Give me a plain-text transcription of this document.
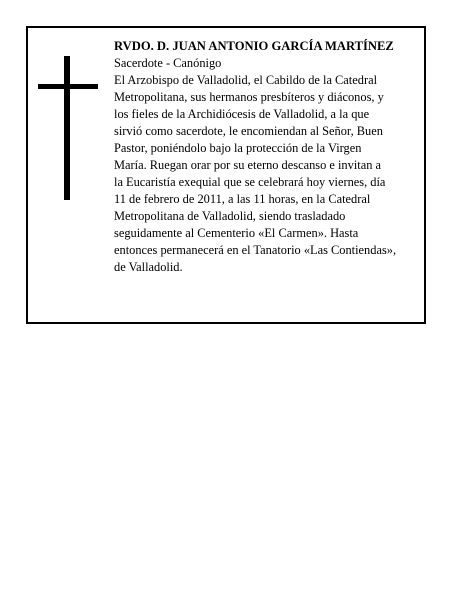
RVDO. D. JUAN ANTONIO GARCÍA MARTÍNEZ
Sacerdote - Canónigo
El Arzobispo de Valladolid, el Cabildo de la Catedral
Metropolitana, sus hermanos presbíteros y diáconos, y
los fieles de la Archidiócesis de Valladolid, a la que
sirvió como sacerdote, le encomiendan al Señor, Buen
Pastor, poniéndolo bajo la protección de la Virgen
María. Ruegan orar por su eterno descanso e invitan a
la Eucaristía exequial que se celebrará hoy viernes, día
11 de febrero de 2011, a las 11 horas, en la Catedral
Metropolitana de Valladolid, siendo trasladado
seguidamente al Cementerio «El Carmen». Hasta
entonces permanecerá en el Tanatorio «Las Contiendas»,
de Valladolid.
